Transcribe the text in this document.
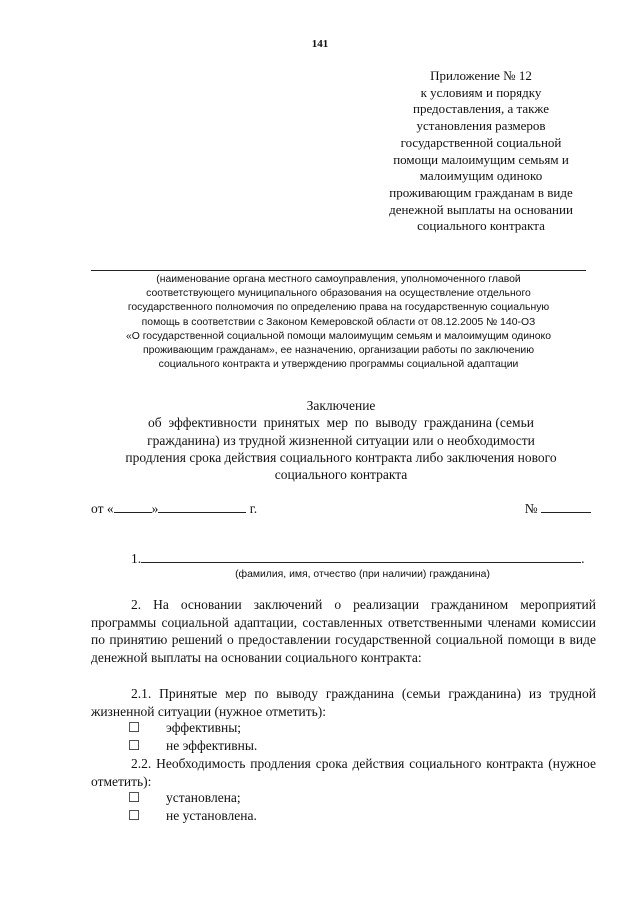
141
Приложение № 12
к условиям и порядку
предоставления, а также
установления размеров
государственной социальной
помощи малоимущим семьям и
малоимущим одиноко
проживающим гражданам в виде
денежной выплаты на основании
социального контракта
(наименование органа местного самоуправления, уполномоченного главой
соответствующего муниципального образования на осуществление отдельного
государственного полномочия по определению права на государственную социальную
помощь в соответствии с Законом Кемеровской области от 08.12.2005 № 140-ОЗ
«О государственной социальной помощи малоимущим семьям и малоимущим одиноко
проживающим гражданам», ее назначению, организации работы по заключению
социального контракта и утверждению программы социальной адаптации
Заключение
об  эффективности  принятых  мер  по  выводу  гражданина (семьи
гражданина) из трудной жизненной ситуации или о необходимости
продления срока действия социального контракта либо заключения нового
социального контракта
от «	»	г.	№
1.	.
(фамилия, имя, отчество (при наличии) гражданина)
2. На основании заключений о реализации гражданином мероприятий программы социальной адаптации, составленных ответственными членами комиссии по принятию решений о предоставлении государственной социальной помощи в виде денежной выплаты на основании социального контракта:
2.1. Принятые мер по выводу гражданина (семьи гражданина) из трудной жизненной ситуации (нужное отметить):
☐ эффективны;
☐ не эффективны.
2.2. Необходимость продления срока действия социального контракта (нужное отметить):
☐ установлена;
☐ не установлена.
